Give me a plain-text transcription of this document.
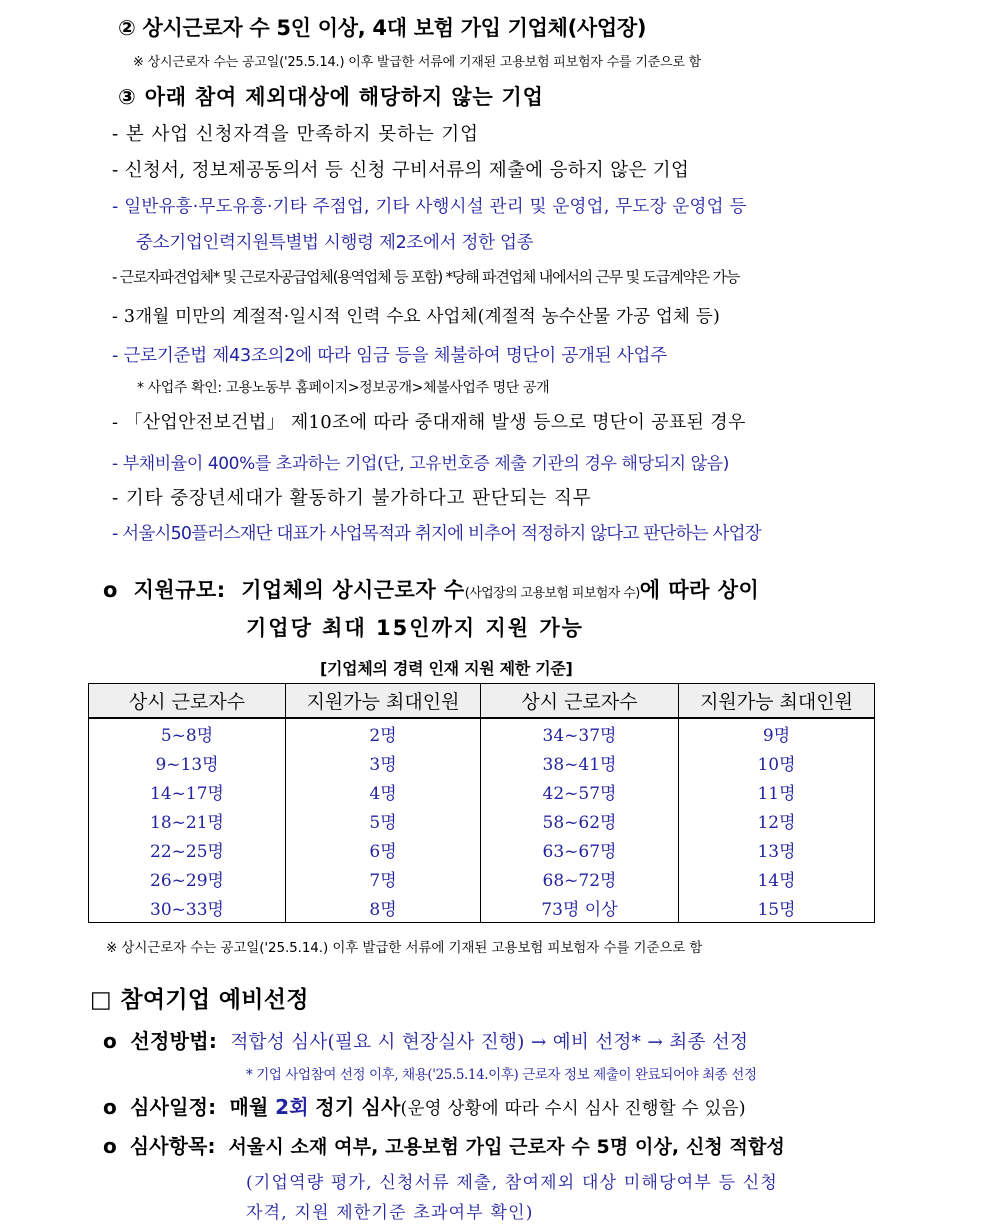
② 상시근로자 수 5인 이상, 4대 보험 가입 기업체(사업장)
※ 상시근로자 수는 공고일('25.5.14.) 이후 발급한 서류에 기재된 고용보험 피보험자 수를 기준으로 함
③ 아래 참여 제외대상에 해당하지 않는 기업
- 본 사업 신청자격을 만족하지 못하는 기업
- 신청서, 정보제공동의서 등 신청 구비서류의 제출에 응하지 않은 기업
- 일반유흥·무도유흥·기타 주점업, 기타 사행시설 관리 및 운영업, 무도장 운영업 등
중소기업인력지원특별법 시행령 제2조에서 정한 업종
- 근로자파견업체* 및 근로자공급업체(용역업체 등 포함) *당해 파견업체 내에서의 근무 및 도급계약은 가능
- 3개월 미만의 계절적·일시적 인력 수요 사업체(계절적 농수산물 가공 업체 등)
- 근로기준법 제43조의2에 따라 임금 등을 체불하여 명단이 공개된 사업주
* 사업주 확인: 고용노동부 홈페이지>정보공개>체불사업주 명단 공개
- 「산업안전보건법」 제10조에 따라 중대재해 발생 등으로 명단이 공표된 경우
- 부채비율이 400%를 초과하는 기업(단, 고유번호증 제출 기관의 경우 해당되지 않음)
- 기타 중장년세대가 활동하기 불가하다고 판단되는 직무
- 서울시50플러스재단 대표가 사업목적과 취지에 비추어 적정하지 않다고 판단하는 사업장
o 지원규모: 기업체의 상시근로자 수(사업장의 고용보험 피보험자 수)에 따라 상이
기업당 최대 15인까지 지원 가능
[기업체의 경력 인재 지원 제한 기준]
상시 근로자수	지원가능 최대인원	상시 근로자수	지원가능 최대인원
5~8명	2명	34~37명	9명
9~13명	3명	38~41명	10명
14~17명	4명	42~57명	11명
18~21명	5명	58~62명	12명
22~25명	6명	63~67명	13명
26~29명	7명	68~72명	14명
30~33명	8명	73명 이상	15명
※ 상시근로자 수는 공고일('25.5.14.) 이후 발급한 서류에 기재된 고용보험 피보험자 수를 기준으로 함
□ 참여기업 예비선정
o 선정방법: 적합성 심사(필요 시 현장실사 진행) → 예비 선정* → 최종 선정
* 기업 사업참여 선정 이후, 채용('25.5.14.이후) 근로자 정보 제출이 완료되어야 최종 선정
o 심사일정: 매월 2회 정기 심사(운영 상황에 따라 수시 심사 진행할 수 있음)
o 심사항목: 서울시 소재 여부, 고용보험 가입 근로자 수 5명 이상, 신청 적합성
(기업역량 평가, 신청서류 제출, 참여제외 대상 미해당여부 등 신청
자격, 지원 제한기준 초과여부 확인)
